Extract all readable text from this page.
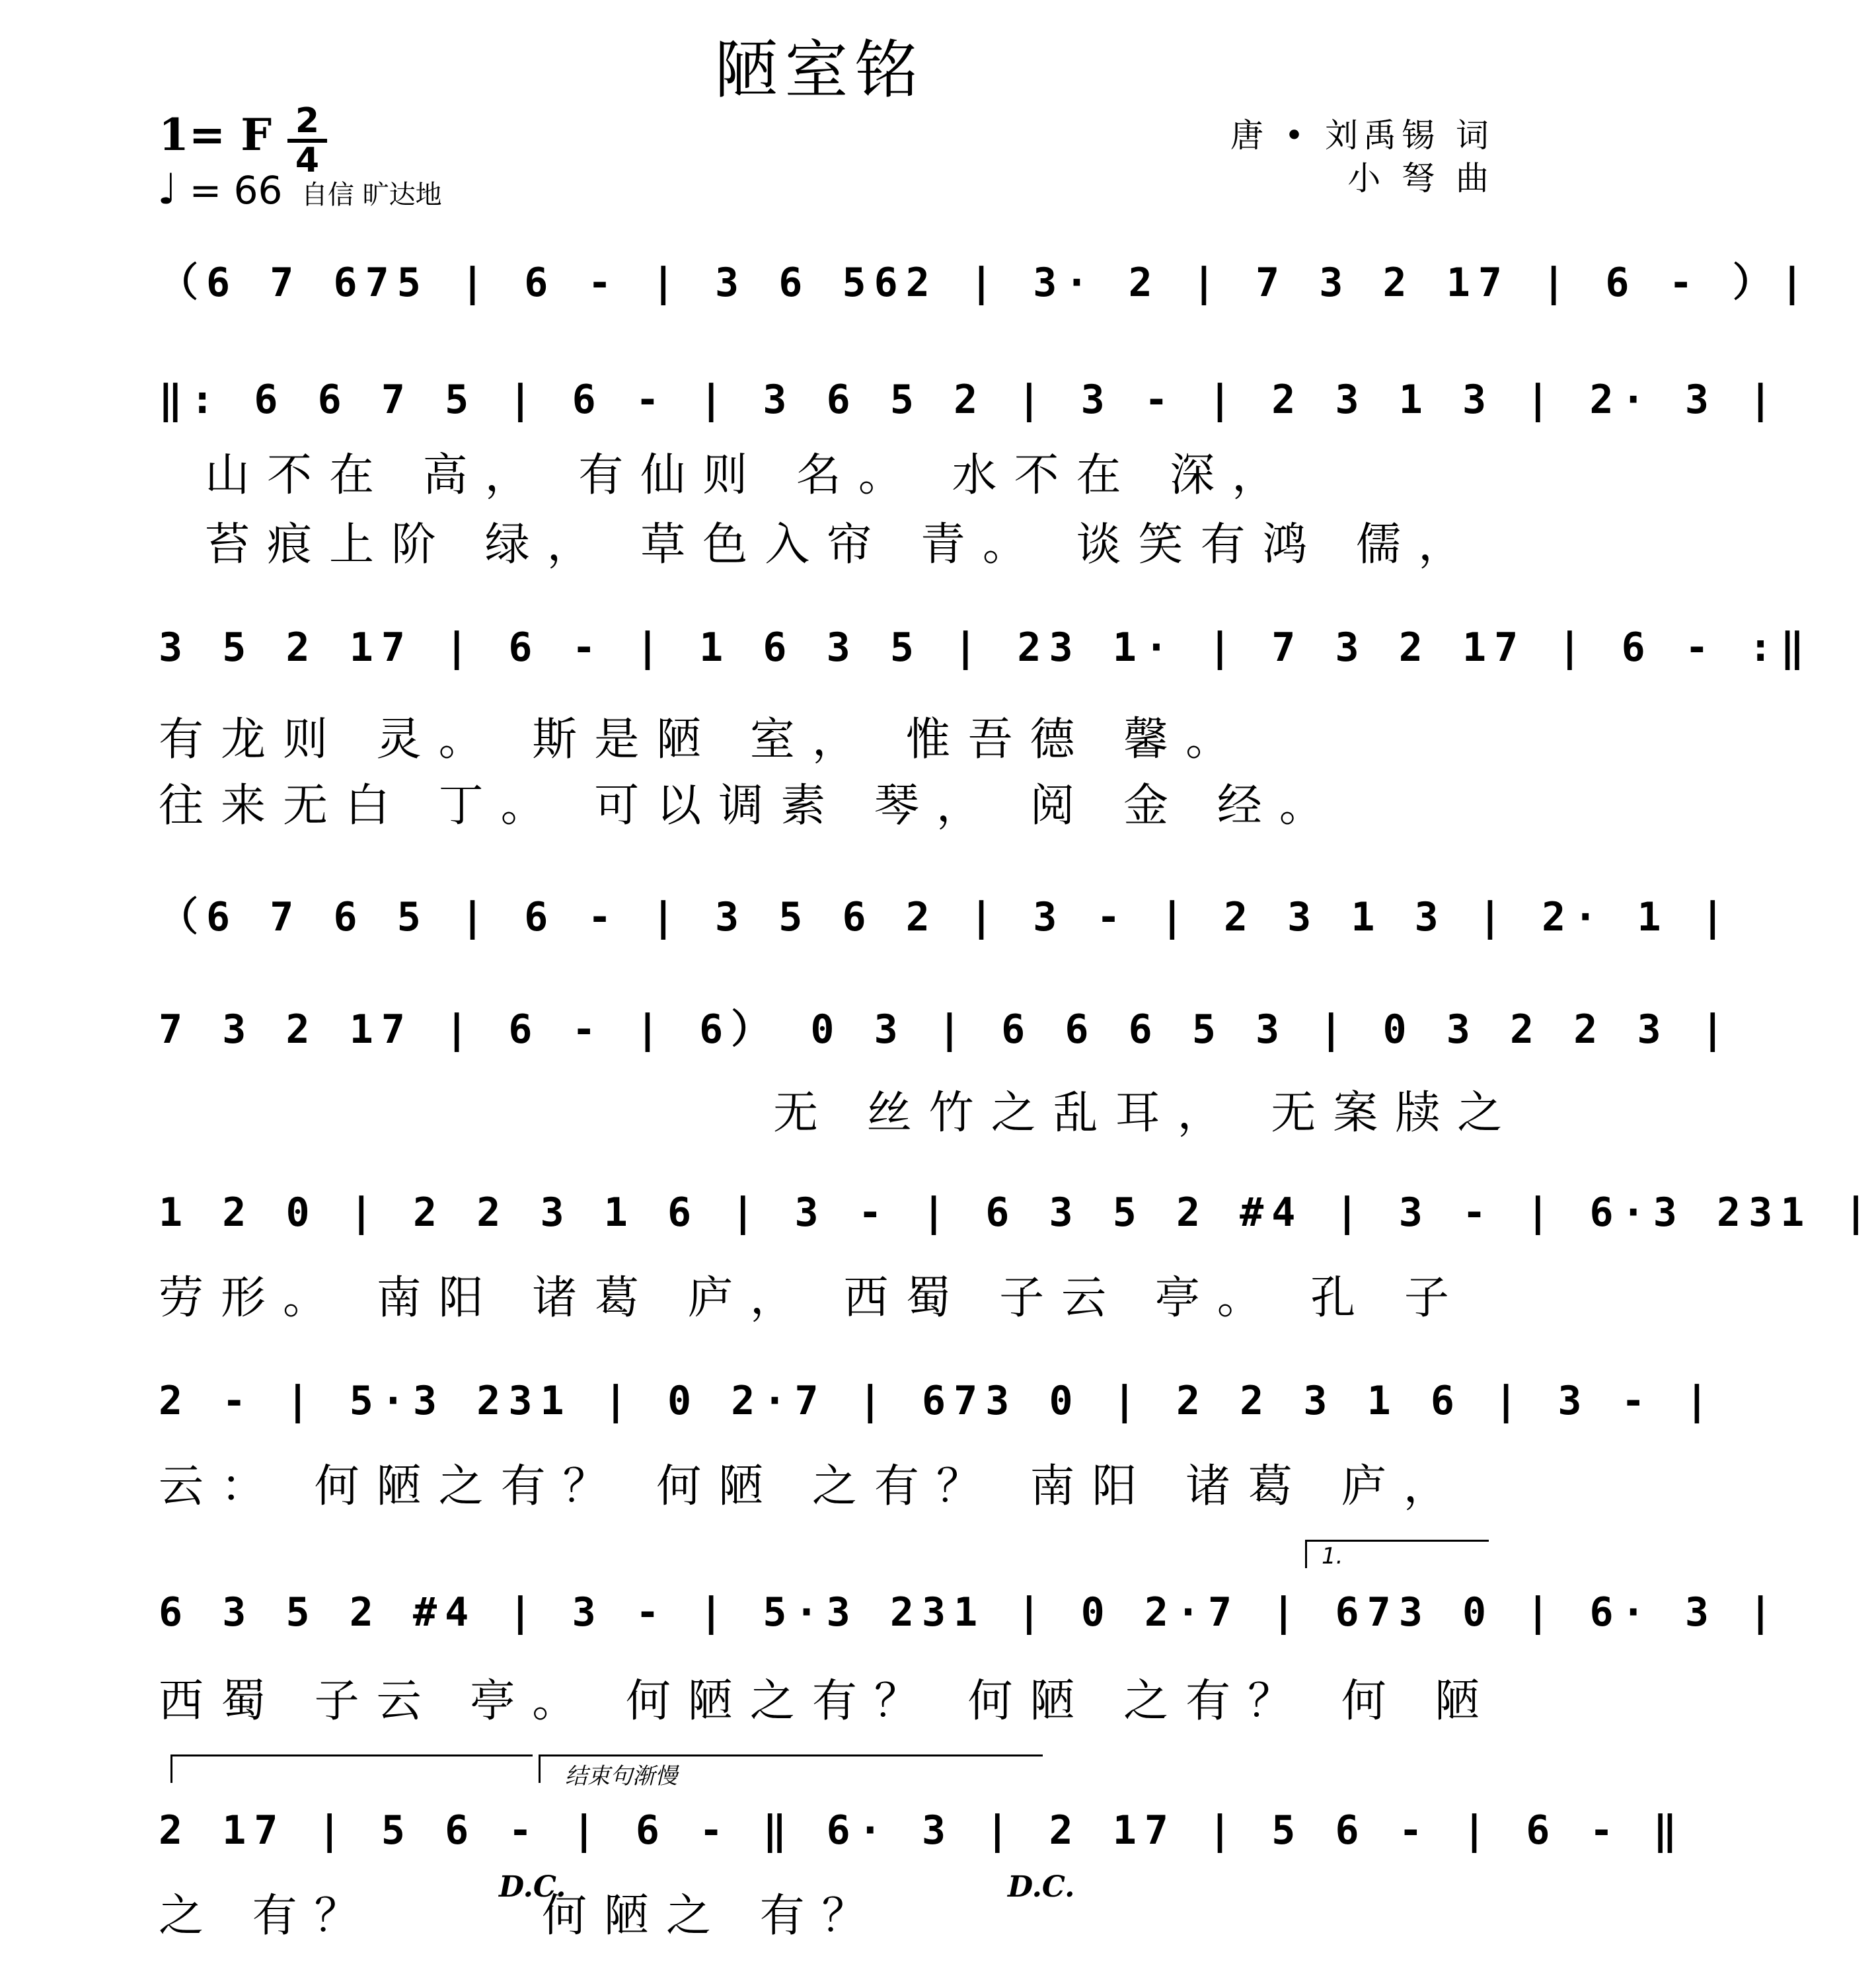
陋室铭
1= F 2
4
♩ = 66 自信 旷达地
唐 • 刘禹锡 词
小 弩 曲
（6 7 675 | 6 - | 3 6 562 | 3· 2 | 7 3 2 17 | 6 - ）|
‖: 6 6 7 5 | 6 - | 3 6 5 2 | 3 - | 2 3 1 3 | 2· 3 |
山不在 高， 有仙则 名。 水不在 深，
苔痕上阶 绿， 草色入帘 青。 谈笑有鸿 儒，
3 5 2 17 | 6 - | 1 6 3 5 | 23 1· | 7 3 2 17 | 6 - :‖
有龙则 灵。 斯是陋 室， 惟吾德 馨。
往来无白 丁。 可以调素 琴， 阅 金 经。
（6 7 6 5 | 6 - | 3 5 6 2 | 3 - | 2 3 1 3 | 2· 1 |
7 3 2 17 | 6 - | 6） 0 3 | 6 6 6 5 3 | 0 3 2 2 3 |
无 丝竹之乱耳， 无案牍之
1 2 0 | 2 2 3 1 6 | 3 - | 6 3 5 2 #4 | 3 - | 6·3 231 |
劳形。 南阳 诸葛 庐， 西蜀 子云 亭。 孔 子
2 - | 5·3 231 | 0 2·7 | 673 0 | 2 2 3 1 6 | 3 - |
云： 何陋之有？ 何陋 之有？ 南阳 诸葛 庐，
1.
6 3 5 2 #4 | 3 - | 5·3 231 | 0 2·7 | 673 0 | 6· 3 |
西蜀 子云 亭。 何陋之有？ 何陋 之有？ 何 陋
结束句渐慢
2 17 | 5 6 - | 6 - ‖ 6· 3 | 2 17 | 5 6 - | 6 - ‖
之 有？	何陋之 有？
D.C.	D.C.
